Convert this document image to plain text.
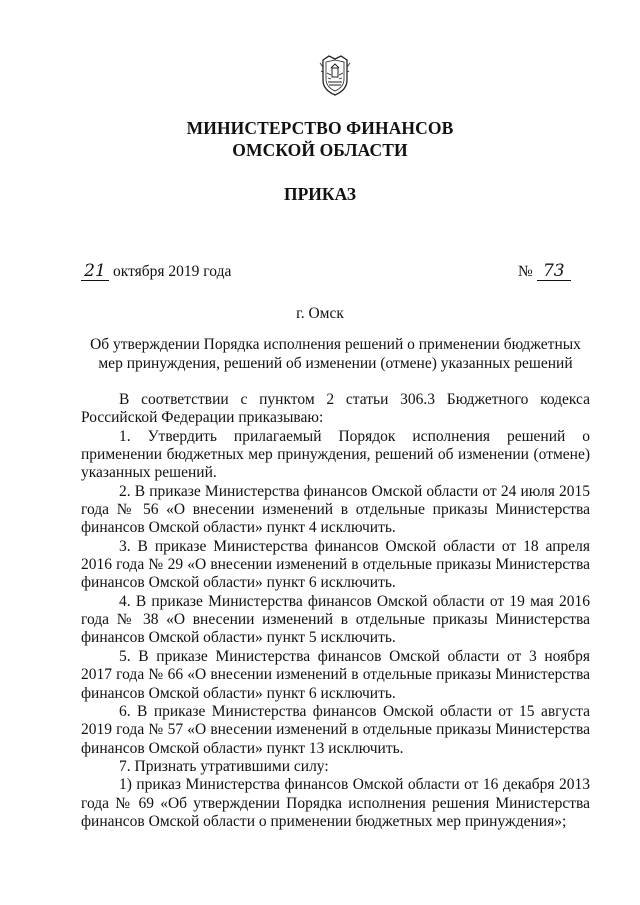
МИНИСТЕРСТВО ФИНАНСОВ
ОМСКОЙ ОБЛАСТИ
ПРИКАЗ
21 октября 2019 года	№ 73
г. Омск
Об утверждении Порядка исполнения решений о применении бюджетных мер принуждения, решений об изменении (отмене) указанных решений

В соответствии с пунктом 2 статьи 306.3 Бюджетного кодекса Российской Федерации приказываю:

1. Утвердить прилагаемый Порядок исполнения решений о применении бюджетных мер принуждения, решений об изменении (отмене) указанных решений.

2. В приказе Министерства финансов Омской области от 24 июля 2015 года № 56 «О внесении изменений в отдельные приказы Министерства финансов Омской области» пункт 4 исключить.

3. В приказе Министерства финансов Омской области от 18 апреля 2016 года № 29 «О внесении изменений в отдельные приказы Министерства финансов Омской области» пункт 6 исключить.

4. В приказе Министерства финансов Омской области от 19 мая 2016 года № 38 «О внесении изменений в отдельные приказы Министерства финансов Омской области» пункт 5 исключить.

5. В приказе Министерства финансов Омской области от 3 ноября 2017 года № 66 «О внесении изменений в отдельные приказы Министерства финансов Омской области» пункт 6 исключить.

6. В приказе Министерства финансов Омской области от 15 августа 2019 года № 57 «О внесении изменений в отдельные приказы Министерства финансов Омской области» пункт 13 исключить.

7. Признать утратившими силу:

1) приказ Министерства финансов Омской области от 16 декабря 2013 года № 69 «Об утверждении Порядка исполнения решения Министерства финансов Омской области о применении бюджетных мер принуждения»;
